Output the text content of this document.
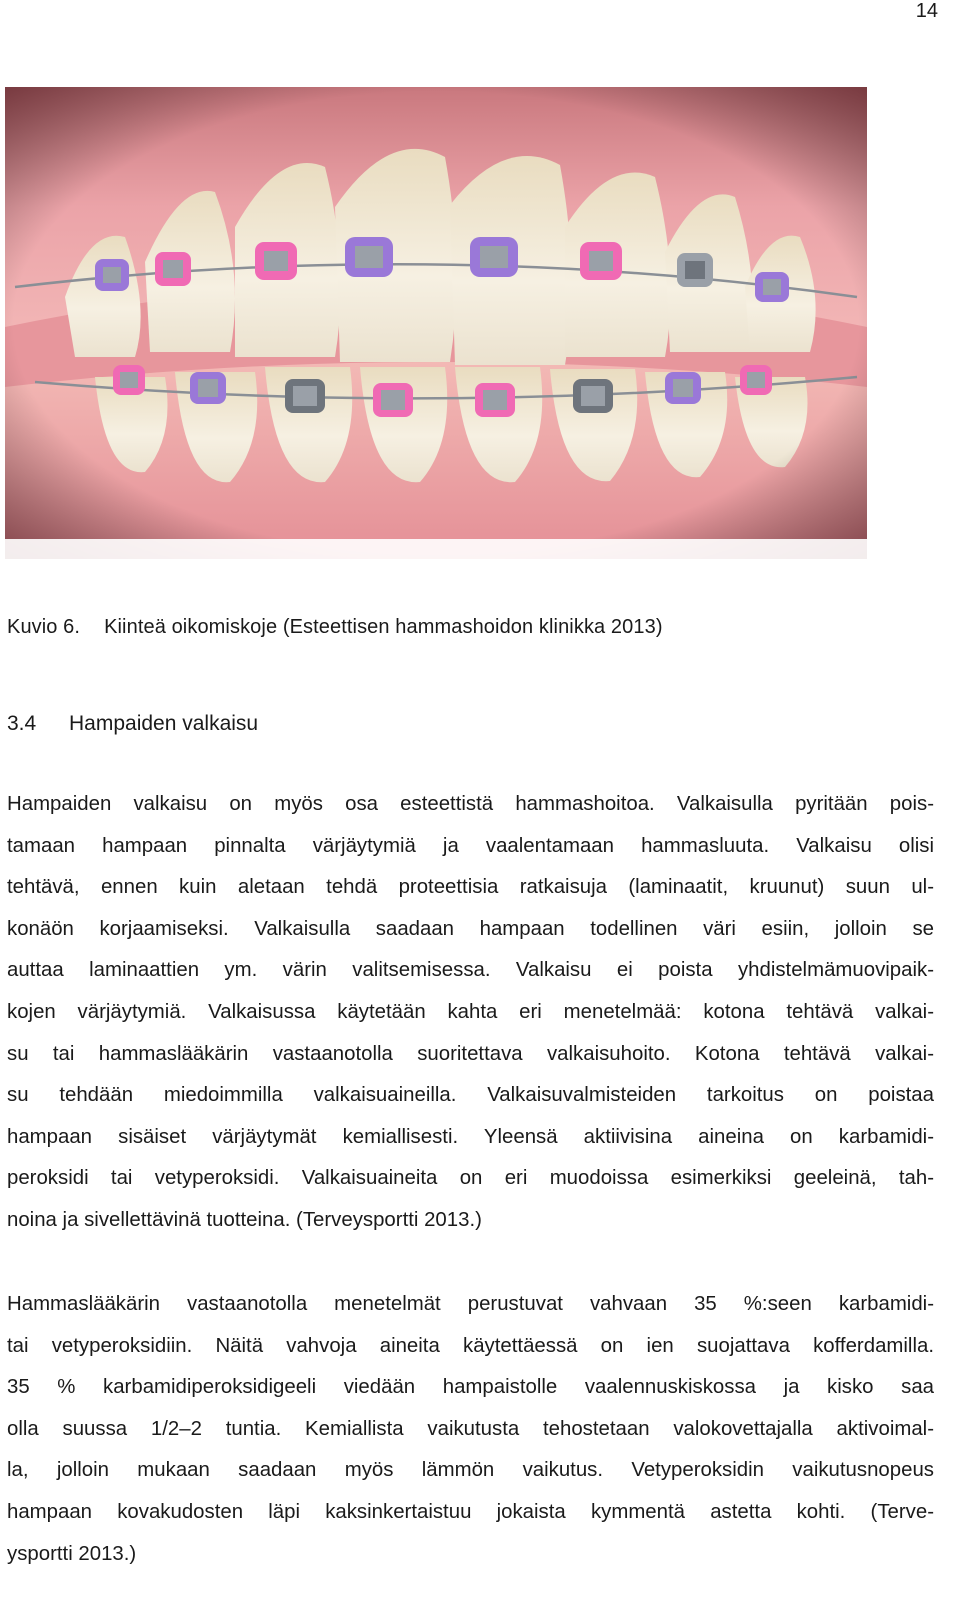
14
Kuvio 6. Kiinteä oikomiskoje (Esteettisen hammashoidon klinikka 2013)
3.4 Hampaiden valkaisu

Hampaiden valkaisu on myös osa esteettistä hammashoitoa. Valkaisulla pyritään pois-
tamaan hampaan pinnalta värjäytymiä ja vaalentamaan hammasluuta. Valkaisu olisi
tehtävä, ennen kuin aletaan tehdä proteettisia ratkaisuja (laminaatit, kruunut) suun ul-
konäön korjaamiseksi. Valkaisulla saadaan hampaan todellinen väri esiin, jolloin se
auttaa laminaattien ym. värin valitsemisessa. Valkaisu ei poista yhdistelmämuovipaik-
kojen värjäytymiä. Valkaisussa käytetään kahta eri menetelmää: kotona tehtävä valkai-
su tai hammaslääkärin vastaanotolla suoritettava valkaisuhoito. Kotona tehtävä valkai-
su tehdään miedoimmilla valkaisuaineilla. Valkaisuvalmisteiden tarkoitus on poistaa
hampaan sisäiset värjäytymät kemiallisesti. Yleensä aktiivisina aineina on karbamidi-
peroksidi tai vetyperoksidi. Valkaisuaineita on eri muodoissa esimerkiksi geeleinä, tah-
noina ja sivellettävinä tuotteina. (Terveysportti 2013.)

Hammaslääkärin vastaanotolla menetelmät perustuvat vahvaan 35 %:seen karbamidi-
tai vetyperoksidiin. Näitä vahvoja aineita käytettäessä on ien suojattava kofferdamilla.
35 % karbamidiperoksidigeeli viedään hampaistolle vaalennuskiskossa ja kisko saa
olla suussa 1/2–2 tuntia. Kemiallista vaikutusta tehostetaan valokovettajalla aktivoimal-
la, jolloin mukaan saadaan myös lämmön vaikutus. Vetyperoksidin vaikutusnopeus
hampaan kovakudosten läpi kaksinkertaistuu jokaista kymmentä astetta kohti. (Terve-
ysportti 2013.)
